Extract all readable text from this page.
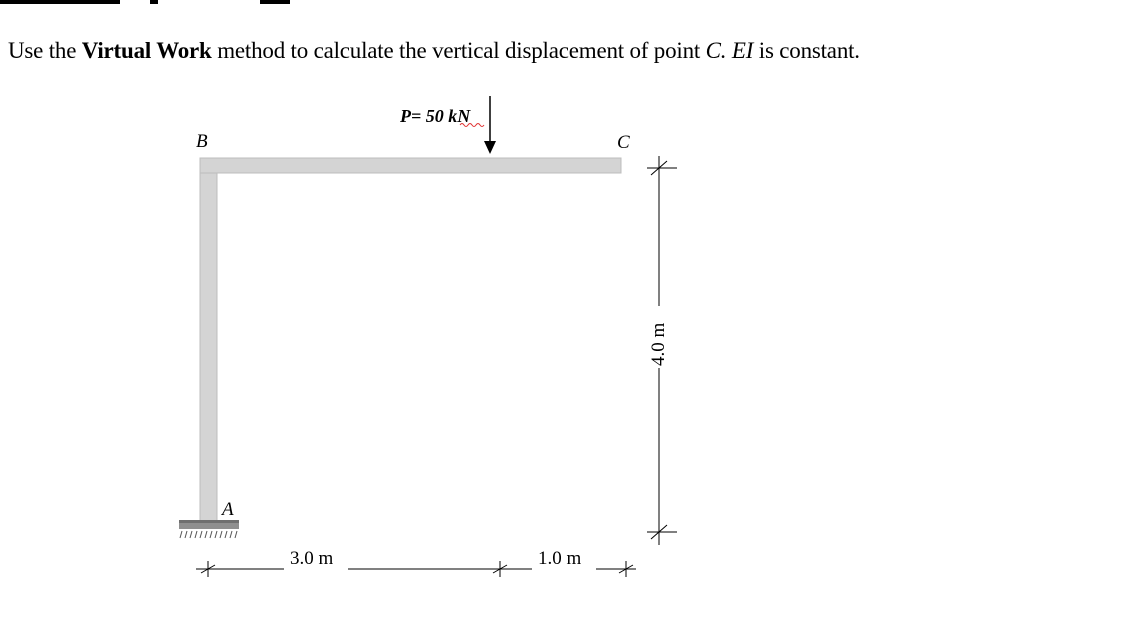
Use the Virtual Work method to calculate the vertical displacement of point C. EI is constant.

P= 50 kN
B	C
A
3.0 m	1.0 m
4.0 m
